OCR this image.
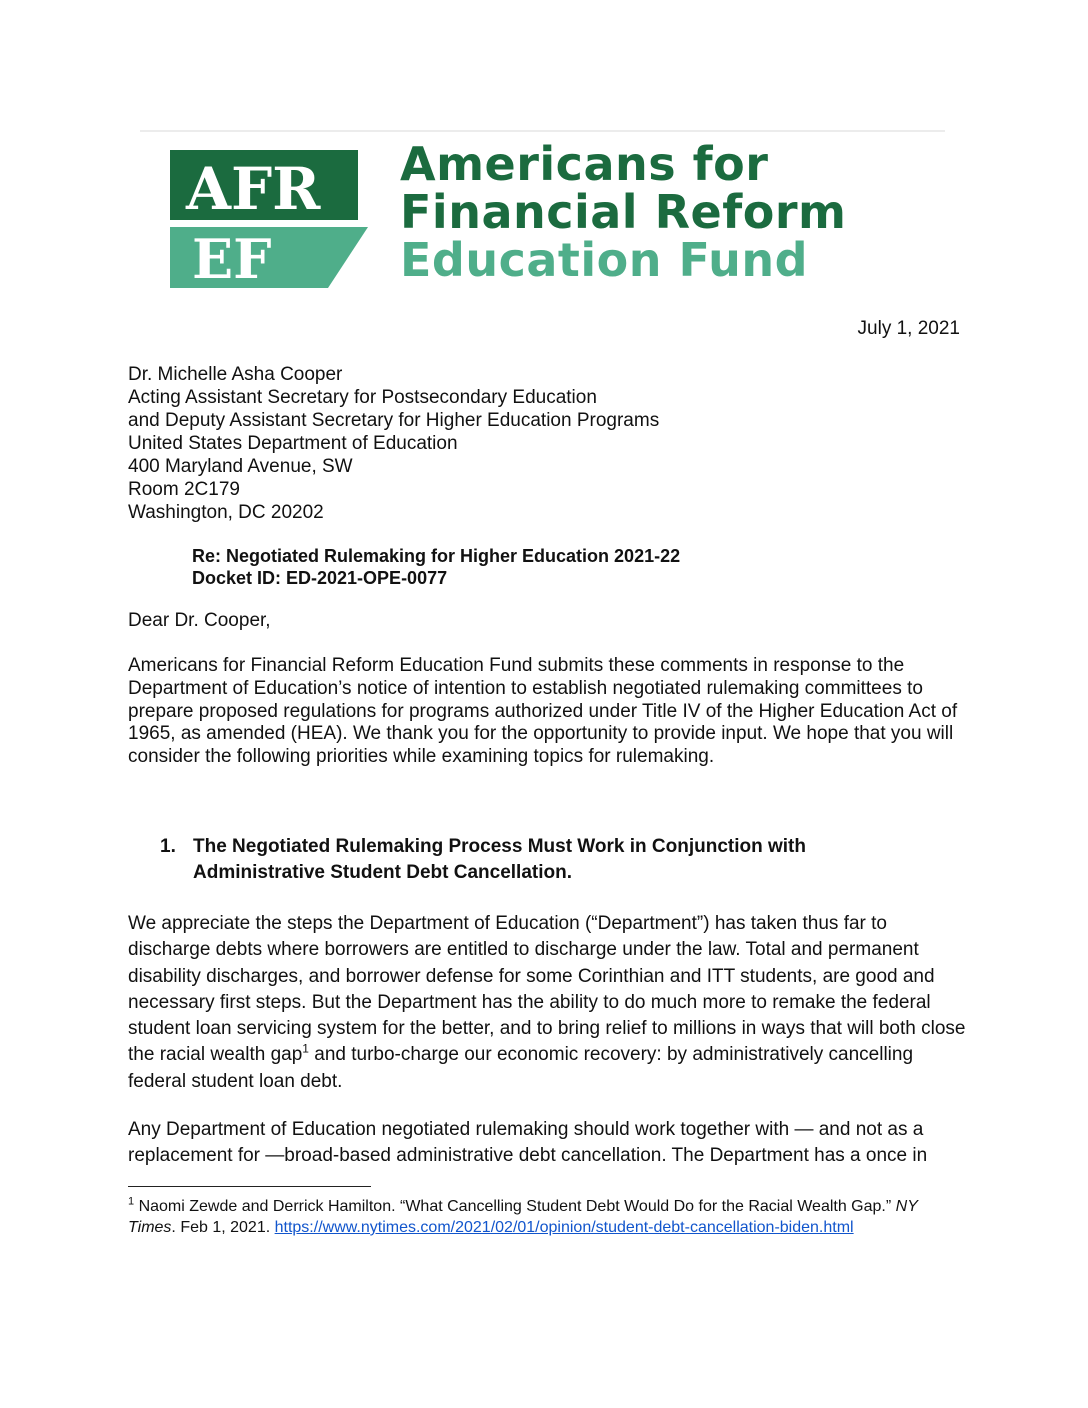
AFR
EF
Americans for
Financial Reform
Education Fund
July 1, 2021
Dr. Michelle Asha Cooper
Acting Assistant Secretary for Postsecondary Education
and Deputy Assistant Secretary for Higher Education Programs
United States Department of Education
400 Maryland Avenue, SW
Room 2C179
Washington, DC 20202
Re: Negotiated Rulemaking for Higher Education 2021-22
Docket ID: ED-2021-OPE-0077
Dear Dr. Cooper,
Americans for Financial Reform Education Fund submits these comments in response to the Department of Education’s notice of intention to establish negotiated rulemaking committees to prepare proposed regulations for programs authorized under Title IV of the Higher Education Act of 1965, as amended (HEA). We thank you for the opportunity to provide input. We hope that you will consider the following priorities while examining topics for rulemaking.
1. The Negotiated Rulemaking Process Must Work in Conjunction with Administrative Student Debt Cancellation.
We appreciate the steps the Department of Education (“Department”) has taken thus far to discharge debts where borrowers are entitled to discharge under the law. Total and permanent disability discharges, and borrower defense for some Corinthian and ITT students, are good and necessary first steps. But the Department has the ability to do much more to remake the federal student loan servicing system for the better, and to bring relief to millions in ways that will both close the racial wealth gap$^1$ and turbo-charge our economic recovery: by administratively cancelling federal student loan debt.
Any Department of Education negotiated rulemaking should work together with — and not as a replacement for —broad-based administrative debt cancellation. The Department has a once in
$^1$ Naomi Zewde and Derrick Hamilton. “What Cancelling Student Debt Would Do for the Racial Wealth Gap.” NY Times. Feb 1, 2021. https://www.nytimes.com/2021/02/01/opinion/student-debt-cancellation-biden.html
